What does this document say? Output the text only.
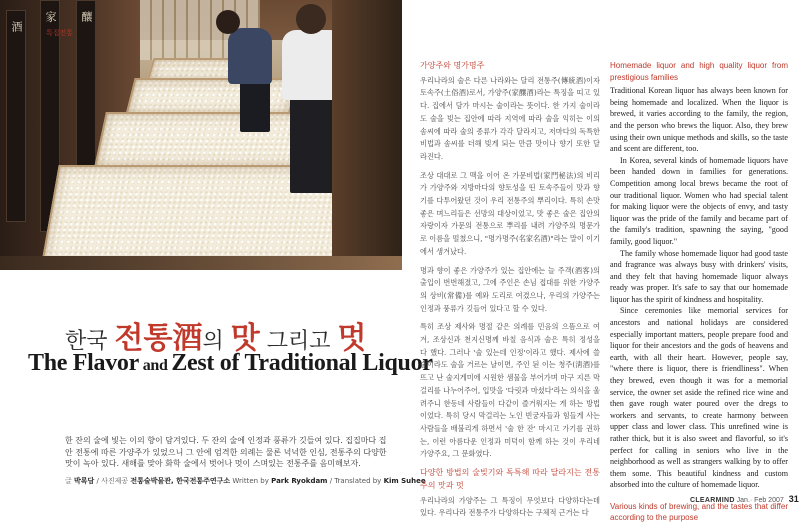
酒
家 釀
특집전통
한국 전통酒의 맛 그리고 멋
The Flavor and Zest of Traditional Liquor
한 잔의 술에 빛는 이의 향이 담겨있다. 두 잔의 술에 인정과 풍류가 깃들여 있다. 집집마다 집안 전통에 따른 가양주가 있었으니 그 안에 엄격한 의례는 물론 넉넉한 인심, 전통주의 다양한 맛이 녹아 있다. 새해를 맞아 화학 술에서 벗어나 멋이 스며있는 전통주를 음미해보자.
글 박록담 / 사진제공 전통술박물관, 한국전통주연구소 Written by Park Ryokdam / Translated by Kim Suhee
가양주와 명가명주

우리나라의 술은 다른 나라와는 달리 전통주(傳統酒)이자 토속주(土俗酒)로서, 가양주(家釀酒)라는 특징을 띠고 있다. 집에서 담가 마시는 술이라는 뜻이다. 한 가지 술이라도 술을 빚는 집안에 따라 지역에 따라 술을 익히는 이의 솜씨에 따라 술의 종류가 각각 달라지고, 저마다의 독특한 비법과 솜씨를 더해 빚게 되는 만큼 맛이나 향기 또한 달라진다.

조상 대대로 그 맥을 이어 온 가문비법(家門秘法)의 비리가 가양주와 지방마다의 향토성을 띤 토속주들이 맛과 향기를 다투어왔던 것이 우리 전통주의 뿌리이다. 특히 손맛 좋은 며느리들은 선망의 대상이었고, 맛 좋은 술은 집안의 자랑이자 가문의 전통으로 뿌리를 내려 가양주의 명문가로 이름을 떨쳤으니, "명가명주(名家名酒)"라는 말이 이기에서 생겨났다.

명과 향이 좋은 가양주가 있는 집안에는 늘 주객(酒客)의 출입이 번번해졌고, 그에 주인은 손님 접대를 위한 가양주의 상비(常備)를 예와 도리로 여겼으나, 우리의 가양주는 인정과 풍류가 깃들어 있다고 할 수 있다.

특히 조상 제사와 명절 같은 의례를 민음의 으뜸으로 여겨, 조상신과 천지신명께 바칠 음식과 술은 특히 정성을 다 했다. 그러나 '술 있는데 인정'이라고 했다. 제사에 쓸 술이라도 술을 거르는 날이면, 주인 된 이는 청주(淸酒)를 뜨고 난 술지게미에 시원한 샘물을 부어가며 마구 지른 막걸리를 나누어주어, 입맛을 '다릿과 마셨다'라는 의식을 울려주니 한동네 사람들이 다같이 즐거워지는 게 하는 방법이었다. 특히 당시 막걸리는 노인 빈궁자들과 힘들게 사는 사람들을 배불리게 하면서 '술 한 잔' 마시고 가기를 권하는, 이런 아름다운 인정과 미덕이 함께 하는 것이 우리네 가양주요, 그 문화였다.

다양한 방법의 술빚기와 독특해 따라 달라지는 전통주의 맛과 멋

우리나라의 가양주는 그 특징이 무엇보다 다양하다는데 있다. 우리나라 전통주가 다양하다는 구체적 근거는 다

Homemade liquor and high quality liquor from prestigious families

Traditional Korean liquor has always been known for being homemade and localized. When the liquor is brewed, it varies according to the family, the region, and the person who brews the liquor. Also, they brew using their own unique methods and skills, so the taste and scent are different, too.

In Korea, several kinds of homemade liquors have been handed down in families for generations. Competition among local brews became the root of our traditional liquor. Women who had special talent for making liquor were the objects of envy, and tasty liquor was the pride of the family and became part of the family's tradition, spawning the saying, "good family, good liquor."

The family whose homemade liquor had good taste and fragrance was always busy with drinkers' visits, and they felt that having homemade liquor always ready was proper. It's safe to say that our homemade liquor has the spirit of kindness and hospitality.

Since ceremonies like memorial services for ancestors and national holidays are considered especially important matters, people prepare food and liquor for their ancestors and the gods of heavens and earth, with all their heart. However, people say, "where there is liquor, there is friendliness". When they brewed, even though it was for a memorial service, the owner set aside the refined rice wine and then gave rough water poured over the dregs to workers and servants, to create harmony between upper class and lower class. This unrefined wine is rather thick, but it is also sweet and flavorful, so it's perfect for calling in seniors who live in the neighborhood as well as strangers walking by to offer them some. This beautiful kindness and custom absorbed into the culture of homemade liquor.

Various kinds of brewing, and the tastes that differ according to the purpose
CLEARMIND Jan.· Feb 2007 31
